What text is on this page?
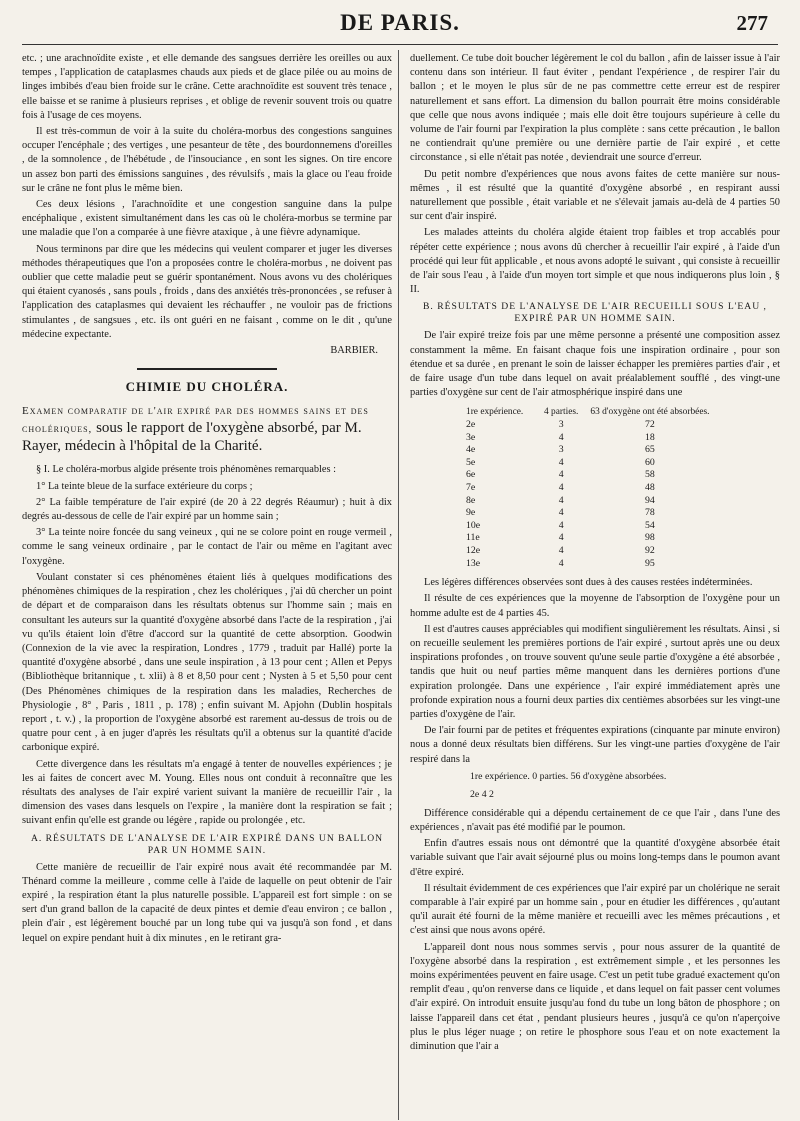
DE PARIS.	277

etc. ; une arachnoïdite existe , et elle demande des sangsues derrière les oreilles ou aux tempes , l'application de cataplasmes chauds aux pieds et de glace pilée ou au moins de linges imbibés d'eau bien froide sur le crâne. Cette arachnoïdite est souvent très tenace , elle baisse et se ranime à plusieurs reprises , et oblige de revenir souvent trois ou quatre fois à l'usage de ces moyens.

Il est très-commun de voir à la suite du choléra-morbus des congestions sanguines occuper l'encéphale ; des vertiges , une pesanteur de tête , des bourdonnemens d'oreilles , de la somnolence , de l'hébétude , de l'insouciance , en sont les signes. On tire encore un assez bon parti des émissions sanguines , des révulsifs , mais la glace ou l'eau froide sur le crâne ne font plus le même bien.

Ces deux lésions , l'arachnoïdite et une congestion sanguine dans la pulpe encéphalique , existent simultanément dans les cas où le choléra-morbus se termine par une maladie que l'on a comparée à une fièvre ataxique , à une fièvre adynamique.

Nous terminons par dire que les médecins qui veulent comparer et juger les diverses méthodes thérapeutiques que l'on a proposées contre le choléra-morbus , ne doivent pas oublier que cette maladie peut se guérir spontanément. Nous avons vu des cholériques qui étaient cyanosés , sans pouls , froids , dans des anxiétés très-prononcées , se refuser à l'application des cataplasmes qui devaient les réchauffer , ne vouloir pas de frictions stimulantes , de sangsues , etc. ils ont guéri en ne faisant , comme on le dit , qu'une médecine expectante.

BARBIER.
CHIMIE DU CHOLÉRA.

Examen comparatif de l'air expiré par des hommes sains et des cholériques, sous le rapport de l'oxygène absorbé, par M. Rayer, médecin à l'hôpital de la Charité.

§ I. Le choléra-morbus algide présente trois phénomènes remarquables :

1° La teinte bleue de la surface extérieure du corps ;

2° La faible température de l'air expiré (de 20 à 22 degrés Réaumur) ; huit à dix degrés au-dessous de celle de l'air expiré par un homme sain ;

3° La teinte noire foncée du sang veineux , qui ne se colore point en rouge vermeil , comme le sang veineux ordinaire , par le contact de l'air ou même en l'agitant avec l'oxygène.

Voulant constater si ces phénomènes étaient liés à quelques modifications des phénomènes chimiques de la respiration , chez les cholériques , j'ai dû chercher un point de départ et de comparaison dans les résultats obtenus sur l'homme sain ; mais en consultant les auteurs sur la quantité d'oxygène absorbé dans l'acte de la respiration , j'ai vu qu'ils étaient loin d'être d'accord sur la quantité de cette absorption. Goodwin (Connexion de la vie avec la respiration, Londres , 1779 , traduit par Hallé) porte la quantité d'oxygène absorbé , dans une seule inspiration , à 13 pour cent ; Allen et Pepys (Bibliothèque britannique , t. xlii) à 8 et 8,50 pour cent ; Nysten à 5 et 5,50 pour cent (Des Phénomènes chimiques de la respiration dans les maladies, Recherches de Physiologie , 8° , Paris , 1811 , p. 178) ; enfin suivant M. Apjohn (Dublin hospitals report , t. v.) , la proportion de l'oxygène absorbé est rarement au-dessus de trois ou de quatre pour cent , à en juger d'après les résultats qu'il a obtenus sur la quantité d'acide carbonique expiré.

Cette divergence dans les résultats m'a engagé à tenter de nouvelles expériences ; je les ai faites de concert avec M. Young. Elles nous ont conduit à reconnaître que les résultats des analyses de l'air expiré varient suivant la manière de recueillir l'air , la dimension des vases dans lesquels on l'expire , la manière dont la respiration se fait ; suivant enfin qu'elle est grande ou légère , rapide ou prolongée , etc.

A. RÉSULTATS DE L'ANALYSE DE L'AIR EXPIRÉ DANS UN BALLON PAR UN HOMME SAIN.

Cette manière de recueillir de l'air expiré nous avait été recommandée par M. Thénard comme la meilleure , comme celle à l'aide de laquelle on peut obtenir de l'air expiré , la respiration étant la plus naturelle possible. L'appareil est fort simple : on se sert d'un grand ballon de la capacité de deux pintes et demie d'eau environ ; ce ballon , plein d'air , est légèrement bouché par un long tube qui va jusqu'à son fond , et dans lequel on expire pendant huit à dix minutes , en le retirant gra-

duellement. Ce tube doit boucher légèrement le col du ballon , afin de laisser issue à l'air contenu dans son intérieur. Il faut éviter , pendant l'expérience , de respirer l'air du ballon ; et le moyen le plus sûr de ne pas commettre cette erreur est de respirer naturellement et sans effort. La dimension du ballon pourrait être moins considérable que celle que nous avons indiquée ; mais elle doit être toujours supérieure à celle du volume de l'air fourni par l'expiration la plus complète : sans cette précaution , le ballon ne contiendrait qu'une première ou une dernière partie de l'air expiré , et cette circonstance , si elle n'était pas notée , deviendrait une source d'erreur.

Du petit nombre d'expériences que nous avons faites de cette manière sur nous-mêmes , il est résulté que la quantité d'oxygène absorbé , en respirant aussi naturellement que possible , était variable et ne s'élevait jamais au-delà de 4 parties 50 sur cent d'air inspiré.

Les malades atteints du choléra algide étaient trop faibles et trop accablés pour répéter cette expérience ; nous avons dû chercher à recueillir l'air expiré , à l'aide d'un procédé qui leur fût applicable , et nous avons adopté le suivant , qui consiste à recueillir de l'air sous l'eau , à l'aide d'un moyen tort simple et que nous indiquerons plus loin , § II.

B. RÉSULTATS DE L'ANALYSE DE L'AIR RECUEILLI SOUS L'EAU , EXPIRÉ PAR UN HOMME SAIN.

De l'air expiré treize fois par une même personne a présenté une composition assez constamment la même. En faisant chaque fois une inspiration ordinaire , pour son étendue et sa durée , en prenant le soin de laisser échapper les premières parties d'air , et de faire usage d'un tube dans lequel on avait préalablement soufflé , des vingt-une parties d'oxygène sur cent de l'air atmosphérique inspiré dans une

1re expérience.	4 parties.	63 d'oxygène ont été absorbées.
2e	3	72
3e	4	18
4e	3	65
5e	4	60
6e	4	58
7e	4	48
8e	4	94
9e	4	78
10e	4	54
11e	4	98
12e	4	92
13e	4	95

Les légères différences observées sont dues à des causes restées indéterminées.

Il résulte de ces expériences que la moyenne de l'absorption de l'oxygène pour un homme adulte est de 4 parties 45.

Il est d'autres causes appréciables qui modifient singulièrement les résultats. Ainsi , si on recueille seulement les premières portions de l'air expiré , surtout après une ou deux inspirations profondes , on trouve souvent qu'une seule partie d'oxygène a été absorbée , tandis que huit ou neuf parties même manquent dans les dernières portions d'une expiration prolongée. Dans une expérience , l'air expiré immédiatement après une profonde expiration nous a fourni deux parties dix centièmes absorbées sur les vingt-une parties d'oxygène de l'air.

De l'air fourni par de petites et fréquentes expirations (cinquante par minute environ) nous a donné deux résultats bien différens. Sur les vingt-une parties d'oxygène de l'air respiré dans la

1re expérience. 0 parties. 56 d'oxygène absorbées.
2e 4 2

Différence considérable qui a dépendu certainement de ce que l'air , dans l'une des expériences , n'avait pas été modifié par le poumon.

Enfin d'autres essais nous ont démontré que la quantité d'oxygène absorbée était variable suivant que l'air avait séjourné plus ou moins long-temps dans le poumon avant d'être expiré.

Il résultait évidemment de ces expériences que l'air expiré par un cholérique ne serait comparable à l'air expiré par un homme sain , pour en étudier les différences , qu'autant qu'il aurait été fourni de la même manière et recueilli avec les mêmes précautions , et c'est ainsi que nous avons opéré.

L'appareil dont nous nous sommes servis , pour nous assurer de la quantité de l'oxygène absorbé dans la respiration , est extrêmement simple , et les personnes les moins expérimentées peuvent en faire usage. C'est un petit tube gradué exactement qu'on remplit d'eau , qu'on renverse dans ce liquide , et dans lequel on fait passer cent volumes d'air expiré. On introduit ensuite jusqu'au fond du tube un long bâton de phosphore ; on laisse l'appareil dans cet état , pendant plusieurs heures , jusqu'à ce qu'on n'aperçoive plus le plus léger nuage ; on retire le phosphore sous l'eau et on note exactement la diminution que l'air a
